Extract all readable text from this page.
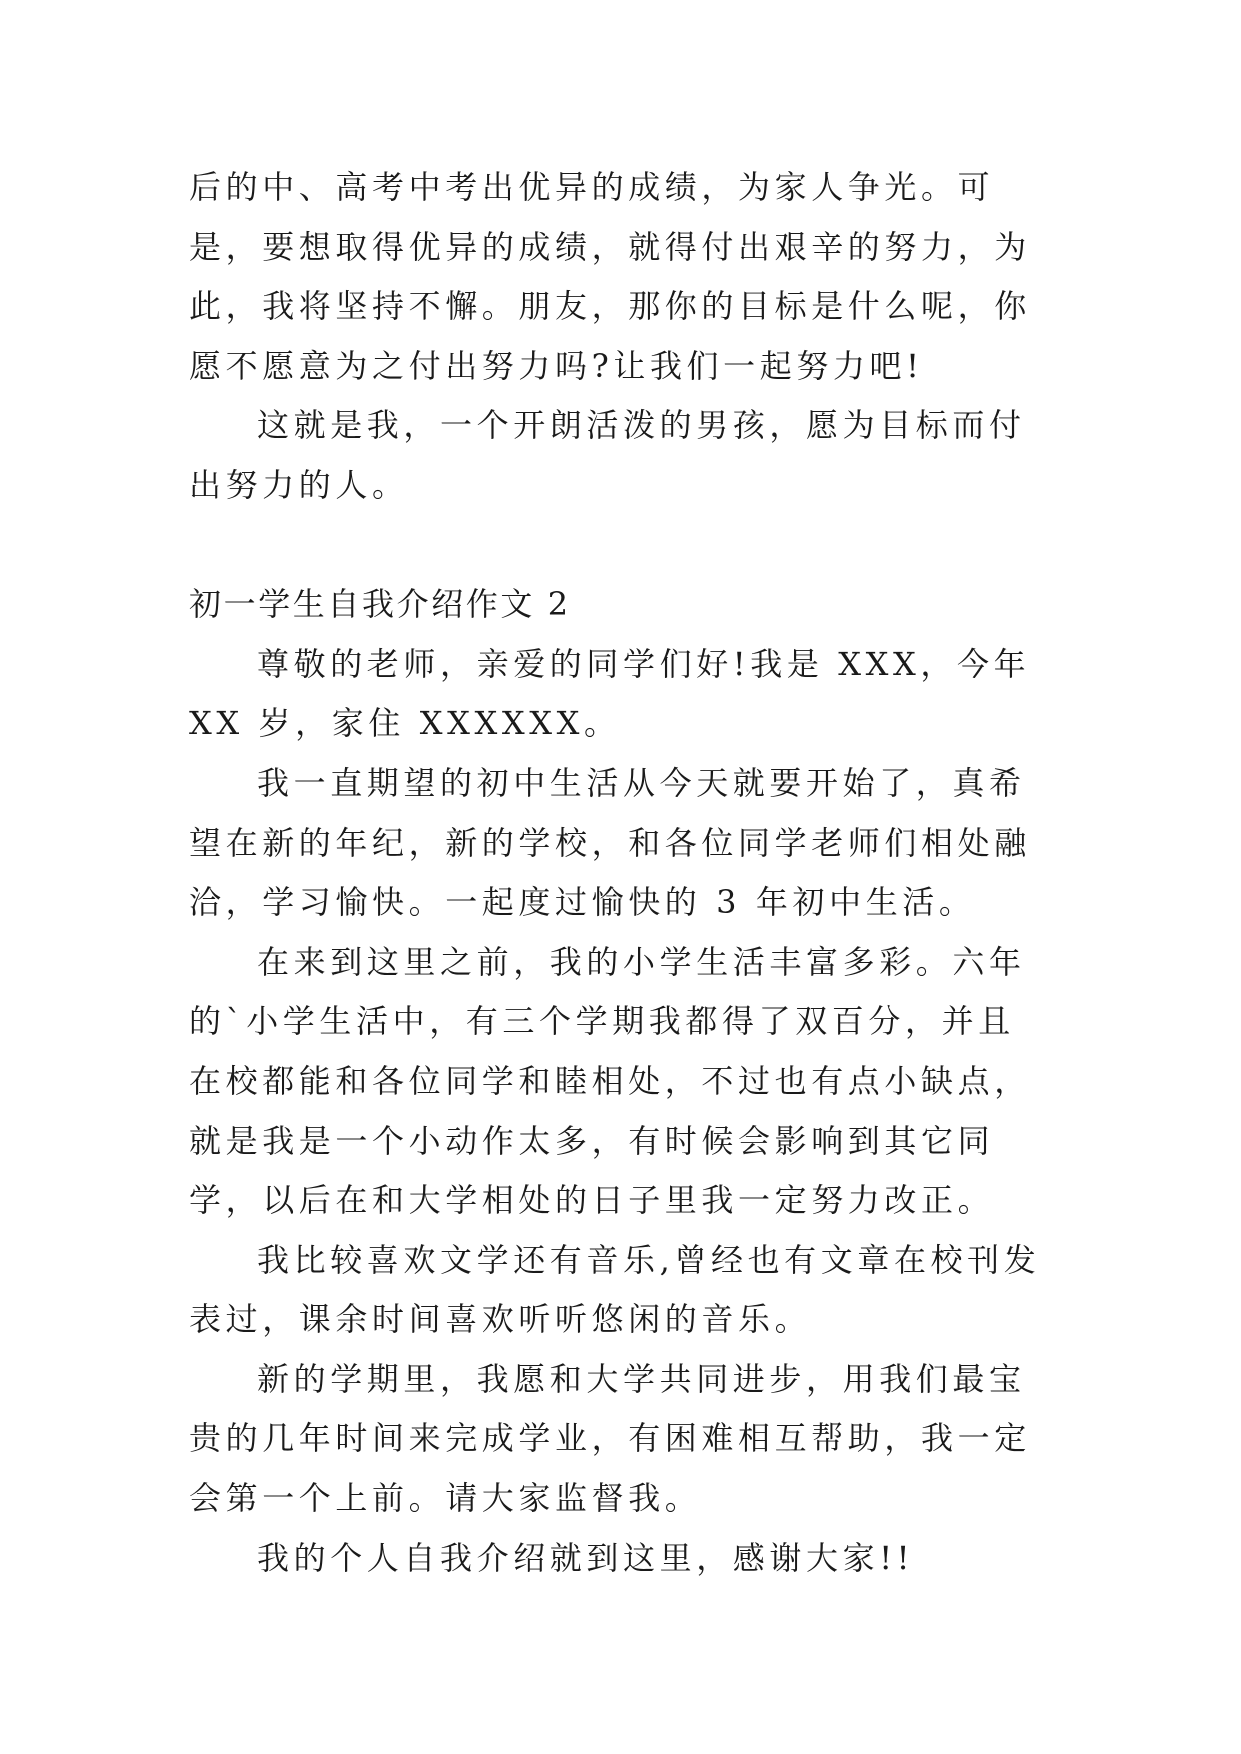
后的中、高考中考出优异的成绩，为家人争光。可是，要想取得优异的成绩，就得付出艰辛的努力，为此，我将坚持不懈。朋友，那你的目标是什么呢，你愿不愿意为之付出努力吗?让我们一起努力吧!

这就是我，一个开朗活泼的男孩，愿为目标而付出努力的人。

初一学生自我介绍作文 2

尊敬的老师，亲爱的同学们好!我是 XXX，今年 XX 岁，家住 XXXXXX。

我一直期望的初中生活从今天就要开始了，真希望在新的年纪，新的学校，和各位同学老师们相处融洽，学习愉快。一起度过愉快的 3 年初中生活。

在来到这里之前，我的小学生活丰富多彩。六年的`小学生活中，有三个学期我都得了双百分，并且在校都能和各位同学和睦相处，不过也有点小缺点，就是我是一个小动作太多，有时候会影响到其它同学，以后在和大学相处的日子里我一定努力改正。

我比较喜欢文学还有音乐,曾经也有文章在校刊发表过，课余时间喜欢听听悠闲的音乐。

新的学期里，我愿和大学共同进步，用我们最宝贵的几年时间来完成学业，有困难相互帮助，我一定会第一个上前。请大家监督我。

我的个人自我介绍就到这里，感谢大家!!
